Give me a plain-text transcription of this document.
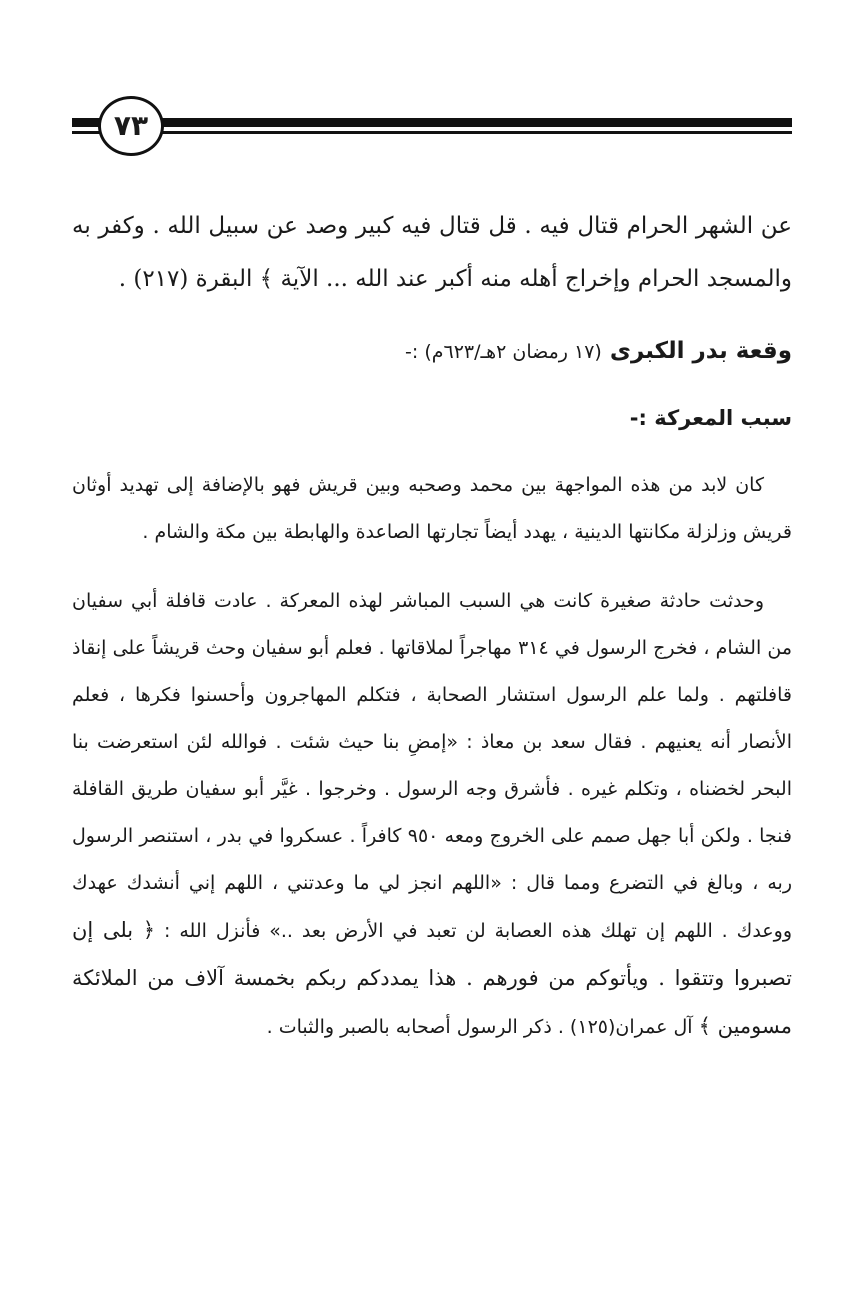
٧٣

عن الشهر الحرام قتال فيه . قل قتال فيه كبير وصد عن سبيل الله . وكفر به والمسجد الحرام وإخراج أهله منه أكبر عند الله ... الآية ﴾ البقرة (٢١٧) .

وقعة بدر الكبرى (١٧ رمضان ٢هـ/٦٢٣م) :-
سبب المعركة :-

كان لابد من هذه المواجهة بين محمد وصحبه وبين قريش فهو بالإضافة إلى تهديد أوثان قريش وزلزلة مكانتها الدينية ، يهدد أيضاً تجارتها الصاعدة والهابطة بين مكة والشام .

وحدثت حادثة صغيرة كانت هي السبب المباشر لهذه المعركة . عادت قافلة أبي سفيان من الشام ، فخرج الرسول في ٣١٤ مهاجراً لملاقاتها . فعلم أبو سفيان وحث قريشاً على إنقاذ قافلتهم . ولما علم الرسول استشار الصحابة ، فتكلم المهاجرون وأحسنوا فكرها ، فعلم الأنصار أنه يعنيهم . فقال سعد بن معاذ : «إمضِ بنا حيث شئت . فوالله لئن استعرضت بنا البحر لخضناه ، وتكلم غيره . فأشرق وجه الرسول . وخرجوا . غيَّر أبو سفيان طريق القافلة فنجا . ولكن أبا جهل صمم على الخروج ومعه ٩٥٠ كافراً . عسكروا في بدر ، استنصر الرسول ربه ، وبالغ في التضرع ومما قال : «اللهم انجز لي ما وعدتني ، اللهم إني أنشدك عهدك ووعدك . اللهم إن تهلك هذه العصابة لن تعبد في الأرض بعد ..» فأنزل الله : ﴿ بلى إن تصبروا وتتقوا . ويأتوكم من فورهم . هذا يمددكم ربكم بخمسة آلاف من الملائكة مسومين ﴾ آل عمران(١٢٥) . ذكر الرسول أصحابه بالصبر والثبات .
